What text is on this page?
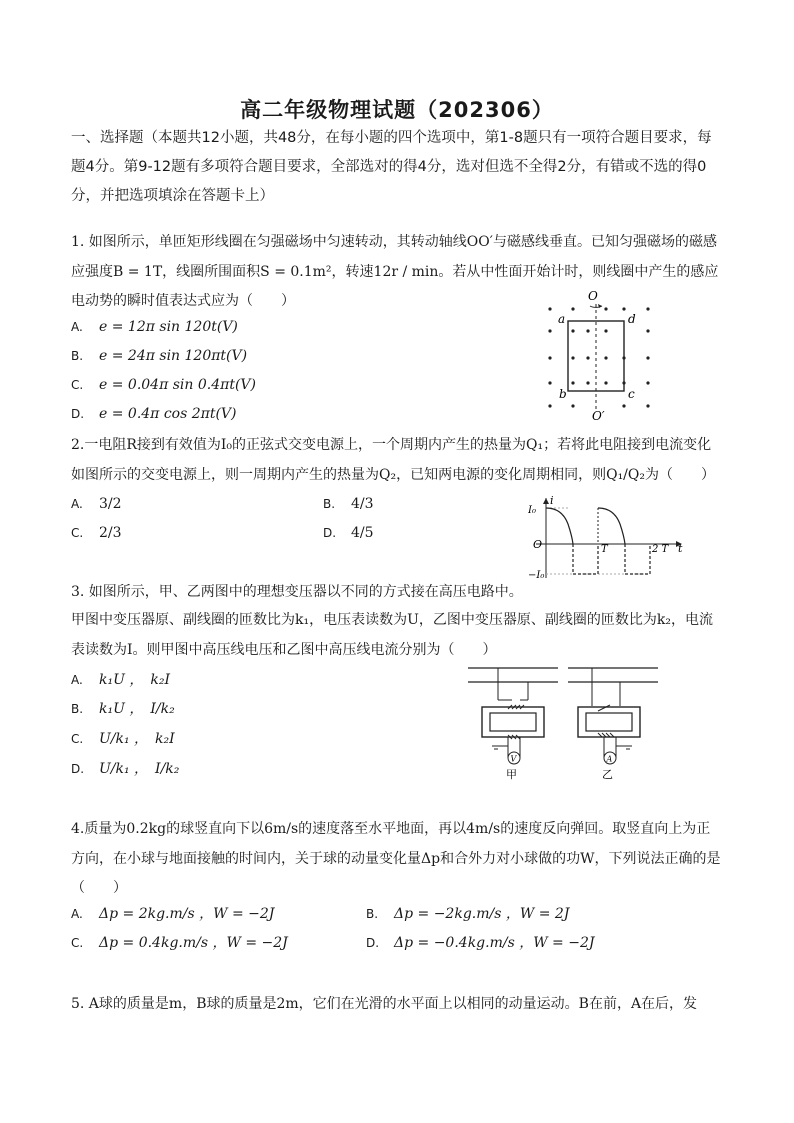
高二年级物理试题（202306）
一、选择题（本题共12小题，共48分，在每小题的四个选项中，第1-8题只有一项符合题目要求，每题4分。第9-12题有多项符合题目要求，全部选对的得4分，选对但选不全得2分，有错或不选的得0分，并把选项填涂在答题卡上）
1. 如图所示，单匝矩形线圈在匀强磁场中匀速转动，其转动轴线OO′与磁感线垂直。已知匀强磁场的磁感应强度B = 1T，线圈所围面积S = 0.1m²，转速12r / min。若从中性面开始计时，则线圈中产生的感应电动势的瞬时值表达式应为（　　）
A. e = 12π sin 120t(V)
B. e = 24π sin 120πt(V)
C. e = 0.04π sin 0.4πt(V)
D. e = 0.4π cos 2πt(V)
O
O′
a	d
b	c
2.一电阻R接到有效值为I₀的正弦式交变电源上，一个周期内产生的热量为Q₁；若将此电阻接到电流变化如图所示的交变电源上，则一周期内产生的热量为Q₂，已知两电源的变化周期相同，则Q₁/Q₂为（　　）
A. 3/2	B. 4/3
C. 2/3	D. 4/5
i
I₀
O
−I₀
T	2 T t
3. 如图所示，甲、乙两图中的理想变压器以不同的方式接在高压电路中。
甲图中变压器原、副线圈的匝数比为k₁，电压表读数为U，乙图中变压器原、副线圈的匝数比为k₂，电流表读数为I。则甲图中高压线电压和乙图中高压线电流分别为（　　）
A. k₁U ，　k₂I
B. k₁U ，　I/k₂
C. U/k₁ ，　k₂I
D. U/k₁ ，　I/k₂
V
甲
A
乙
4.质量为0.2kg的球竖直向下以6m/s的速度落至水平地面，再以4m/s的速度反向弹回。取竖直向上为正方向，在小球与地面接触的时间内，关于球的动量变化量Δp和合外力对小球做的功W，下列说法正确的是（　　）
A. Δp = 2kg.m/s ，W = −2J	B. Δp = −2kg.m/s ，W = 2J
C. Δp = 0.4kg.m/s ，W = −2J	D. Δp = −0.4kg.m/s ，W = −2J
5. A球的质量是m，B球的质量是2m，它们在光滑的水平面上以相同的动量运动。B在前，A在后，发
